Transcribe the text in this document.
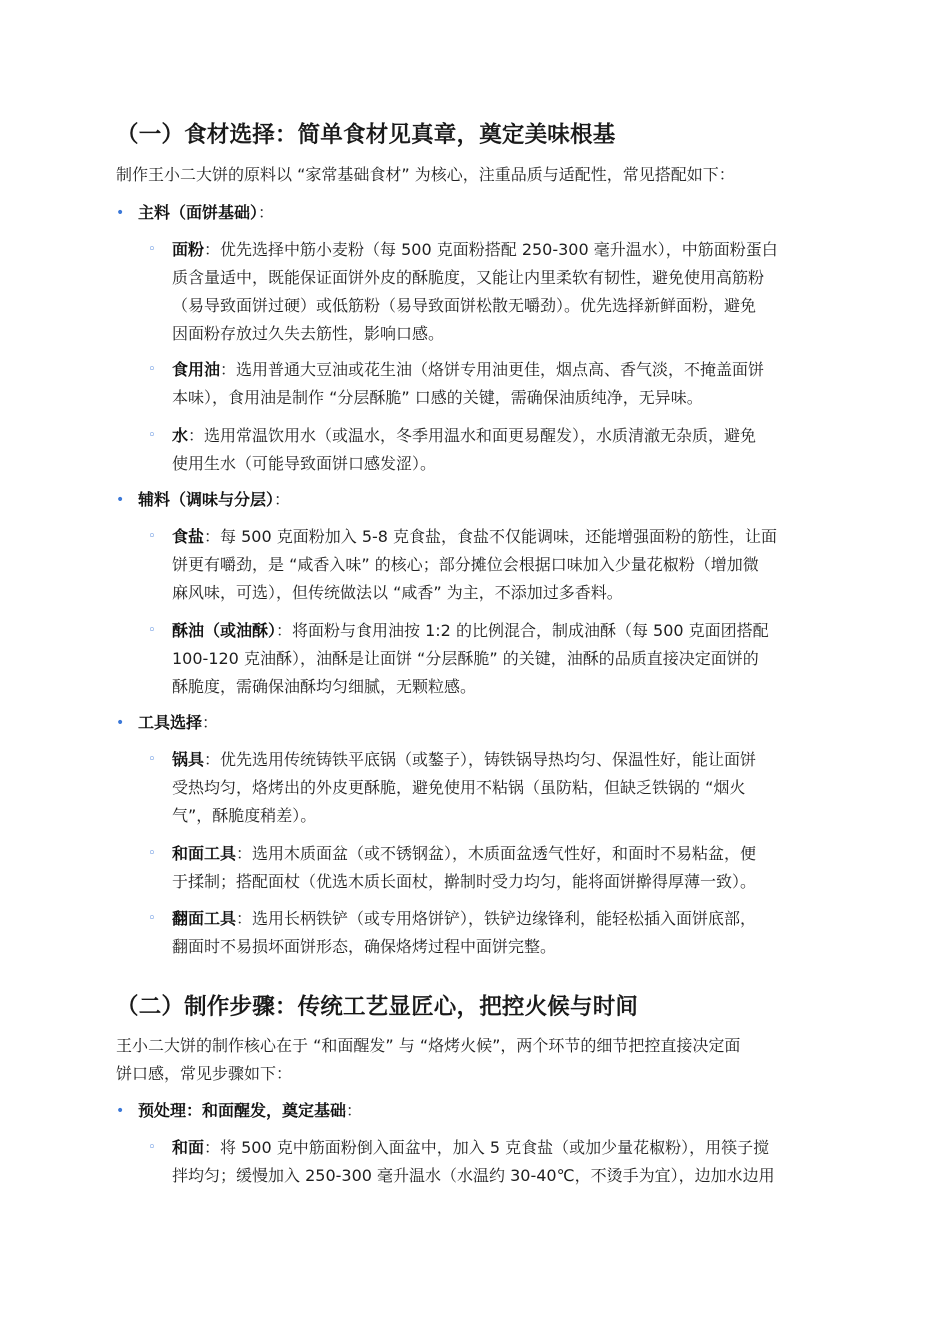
（一）食材选择：简单食材见真章，奠定美味根基
制作王小二大饼的原料以 “家常基础食材” 为核心，注重品质与适配性，常见搭配如下：
• 主料（面饼基础）：
◦ 面粉：优先选择中筋小麦粉（每 500 克面粉搭配 250-300 毫升温水），中筋面粉蛋白
质含量适中，既能保证面饼外皮的酥脆度，又能让内里柔软有韧性，避免使用高筋粉
（易导致面饼过硬）或低筋粉（易导致面饼松散无嚼劲）。优先选择新鲜面粉，避免
因面粉存放过久失去筋性，影响口感。
◦ 食用油：选用普通大豆油或花生油（烙饼专用油更佳，烟点高、香气淡，不掩盖面饼
本味），食用油是制作 “分层酥脆” 口感的关键，需确保油质纯净，无异味。
◦ 水：选用常温饮用水（或温水，冬季用温水和面更易醒发），水质清澈无杂质，避免
使用生水（可能导致面饼口感发涩）。
• 辅料（调味与分层）：
◦ 食盐：每 500 克面粉加入 5-8 克食盐，食盐不仅能调味，还能增强面粉的筋性，让面
饼更有嚼劲，是 “咸香入味” 的核心；部分摊位会根据口味加入少量花椒粉（增加微
麻风味，可选），但传统做法以 “咸香” 为主，不添加过多香料。
◦ 酥油（或油酥）：将面粉与食用油按 1:2 的比例混合，制成油酥（每 500 克面团搭配
100-120 克油酥），油酥是让面饼 “分层酥脆” 的关键，油酥的品质直接决定面饼的
酥脆度，需确保油酥均匀细腻，无颗粒感。
• 工具选择：
◦ 锅具：优先选用传统铸铁平底锅（或鏊子），铸铁锅导热均匀、保温性好，能让面饼
受热均匀，烙烤出的外皮更酥脆，避免使用不粘锅（虽防粘，但缺乏铁锅的 “烟火
气”，酥脆度稍差）。
◦ 和面工具：选用木质面盆（或不锈钢盆），木质面盆透气性好，和面时不易粘盆，便
于揉制；搭配面杖（优选木质长面杖，擀制时受力均匀，能将面饼擀得厚薄一致）。
◦ 翻面工具：选用长柄铁铲（或专用烙饼铲），铁铲边缘锋利，能轻松插入面饼底部，
翻面时不易损坏面饼形态，确保烙烤过程中面饼完整。
（二）制作步骤：传统工艺显匠心，把控火候与时间
王小二大饼的制作核心在于 “和面醒发” 与 “烙烤火候”，两个环节的细节把控直接决定面
饼口感，常见步骤如下：
• 预处理：和面醒发，奠定基础：
◦ 和面：将 500 克中筋面粉倒入面盆中，加入 5 克食盐（或加少量花椒粉），用筷子搅
拌均匀；缓慢加入 250-300 毫升温水（水温约 30-40℃，不烫手为宜），边加水边用
